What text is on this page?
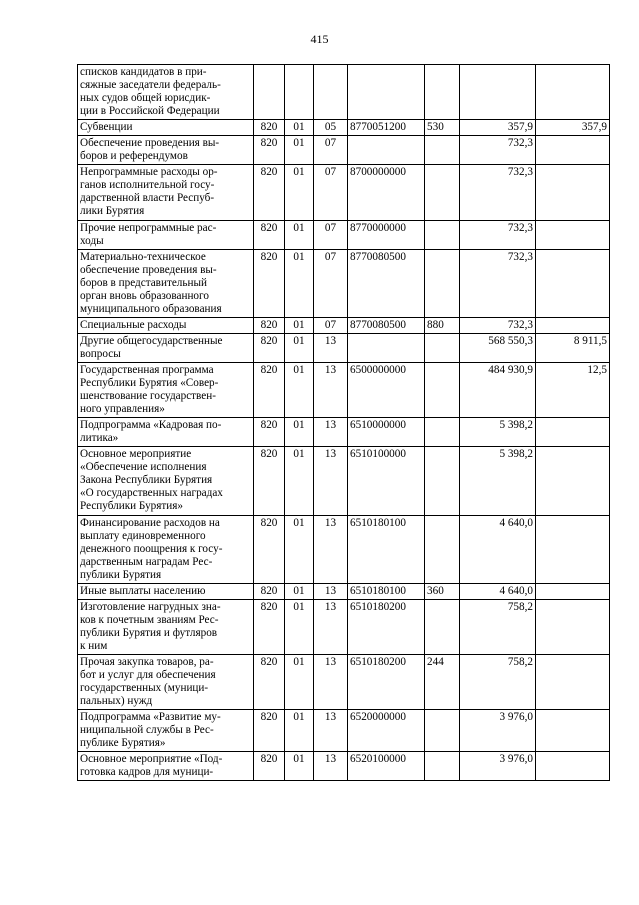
415
списков кандидатов в при-
сяжные заседатели федераль-
ных судов общей юрисдик-
ции в Российской Федерации							

Субвенции	820	01	05	8770051200	530	357,9	357,9

Обеспечение проведения вы-
боров и референдумов	820	01	07			732,3	

Непрограммные расходы ор-
ганов исполнительной госу-
дарственной власти Респуб-
лики Бурятия	820	01	07	8700000000		732,3	

Прочие непрограммные рас-
ходы	820	01	07	8770000000		732,3	

Материально-техническое
обеспечение проведения вы-
боров в представительный
орган вновь образованного
муниципального образования	820	01	07	8770080500		732,3	

Специальные расходы	820	01	07	8770080500	880	732,3	

Другие общегосударственные
вопросы	820	01	13			568 550,3	8 911,5

Государственная программа
Республики Бурятия «Совер-
шенствование государствен-
ного управления»	820	01	13	6500000000		484 930,9	12,5

Подпрограмма «Кадровая по-
литика»	820	01	13	6510000000		5 398,2	

Основное мероприятие
«Обеспечение исполнения
Закона Республики Бурятия
«О государственных наградах
Республики Бурятия»	820	01	13	6510100000		5 398,2	

Финансирование расходов на
выплату единовременного
денежного поощрения к госу-
дарственным наградам Рес-
публики Бурятия	820	01	13	6510180100		4 640,0	

Иные выплаты населению	820	01	13	6510180100	360	4 640,0	

Изготовление нагрудных зна-
ков к почетным званиям Рес-
публики Бурятия и футляров
к ним	820	01	13	6510180200		758,2	

Прочая закупка товаров, ра-
бот и услуг для обеспечения
государственных (муници-
пальных) нужд	820	01	13	6510180200	244	758,2	

Подпрограмма «Развитие му-
ниципальной службы в Рес-
публике Бурятия»	820	01	13	6520000000		3 976,0	

Основное мероприятие «Под-
готовка кадров для муници-	820	01	13	6520100000		3 976,0	
